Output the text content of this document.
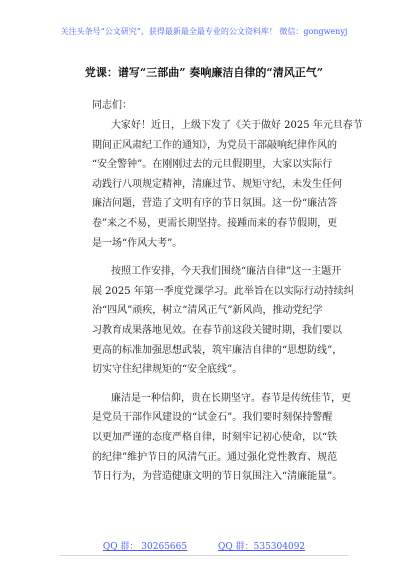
关注头条号“公文研究”，获得最新最全最专业的公文资料库！ 微信：gongwenyj
党课：谱写“三部曲” 奏响廉洁自律的“清风正气”
同志们：
大家好！近日，上级下发了《关于做好 2025 年元旦春节
期间正风肃纪工作的通知》，为党员干部敲响纪律作风的
“安全警钟”。在刚刚过去的元旦假期里，大家以实际行
动践行八项规定精神，清廉过节、规矩守纪，未发生任何
廉洁问题，营造了文明有序的节日氛围。这一份“廉洁答
卷”来之不易，更需长期坚持。接踵而来的春节假期，更
是一场“作风大考”。
按照工作安排，今天我们围绕“廉洁自律”这一主题开
展 2025 年第一季度党课学习。此举旨在以实际行动持续纠
治“四风”顽疾，树立“清风正气”新风尚，推动党纪学
习教育成果落地见效。在春节前这段关键时期，我们要以
更高的标准加强思想武装，筑牢廉洁自律的“思想防线”，
切实守住纪律规矩的“安全底线”。
廉洁是一种信仰，贵在长期坚守。春节是传统佳节，更
是党员干部作风建设的“试金石”。我们要时刻保持警醒
以更加严谨的态度严格自律，时刻牢记初心使命，以“铁
的纪律”维护节日的风清气正。通过强化党性教育、规范
节日行为，为营造健康文明的节日氛围注入“清廉能量”。
QQ 群： 30265665	QQ 群：535304092
